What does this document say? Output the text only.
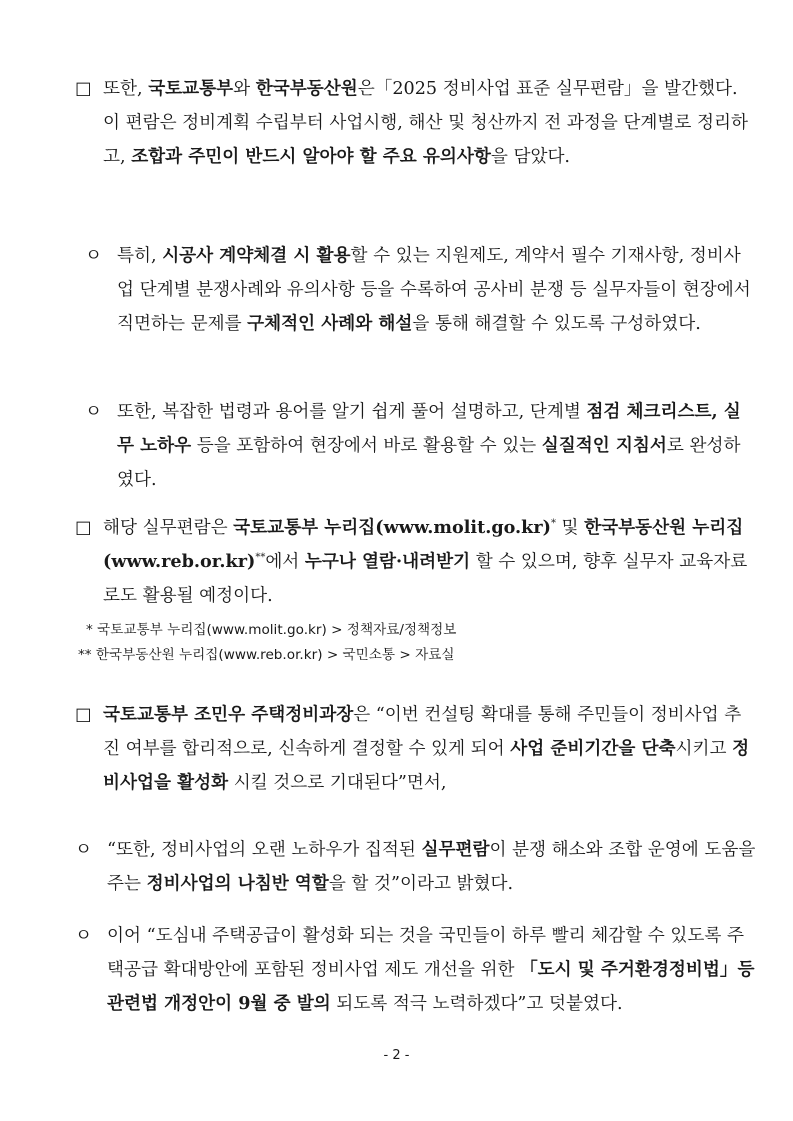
□ 또한, 국토교통부와 한국부동산원은「2025 정비사업 표준 실무편람」을 발간했다. 이 편람은 정비계획 수립부터 사업시행, 해산 및 청산까지 전 과정을 단계별로 정리하고, 조합과 주민이 반드시 알아야 할 주요 유의사항을 담았다.

ㅇ 특히, 시공사 계약체결 시 활용할 수 있는 지원제도, 계약서 필수 기재사항, 정비사업 단계별 분쟁사례와 유의사항 등을 수록하여 공사비 분쟁 등 실무자들이 현장에서 직면하는 문제를 구체적인 사례와 해설을 통해 해결할 수 있도록 구성하였다.

ㅇ 또한, 복잡한 법령과 용어를 알기 쉽게 풀어 설명하고, 단계별 점검 체크리스트, 실무 노하우 등을 포함하여 현장에서 바로 활용할 수 있는 실질적인 지침서로 완성하였다.

□ 해당 실무편람은 국토교통부 누리집(www.molit.go.kr)* 및 한국부동산원 누리집(www.reb.or.kr)**에서 누구나 열람·내려받기 할 수 있으며, 향후 실무자 교육자료로도 활용될 예정이다.

* 국토교통부 누리집(www.molit.go.kr) > 정책자료/정책정보
** 한국부동산원 누리집(www.reb.or.kr) > 국민소통 > 자료실

□ 국토교통부 조민우 주택정비과장은 “이번 컨설팅 확대를 통해 주민들이 정비사업 추진 여부를 합리적으로, 신속하게 결정할 수 있게 되어 사업 준비기간을 단축시키고 정비사업을 활성화 시킬 것으로 기대된다”면서,

ㅇ “또한, 정비사업의 오랜 노하우가 집적된 실무편람이 분쟁 해소와 조합 운영에 도움을 주는 정비사업의 나침반 역할을 할 것”이라고 밝혔다.

ㅇ 이어 “도심내 주택공급이 활성화 되는 것을 국민들이 하루 빨리 체감할 수 있도록 주택공급 확대방안에 포함된 정비사업 제도 개선을 위한 「도시 및 주거환경정비법」등 관련법 개정안이 9월 중 발의 되도록 적극 노력하겠다”고 덧붙였다.

- 2 -
